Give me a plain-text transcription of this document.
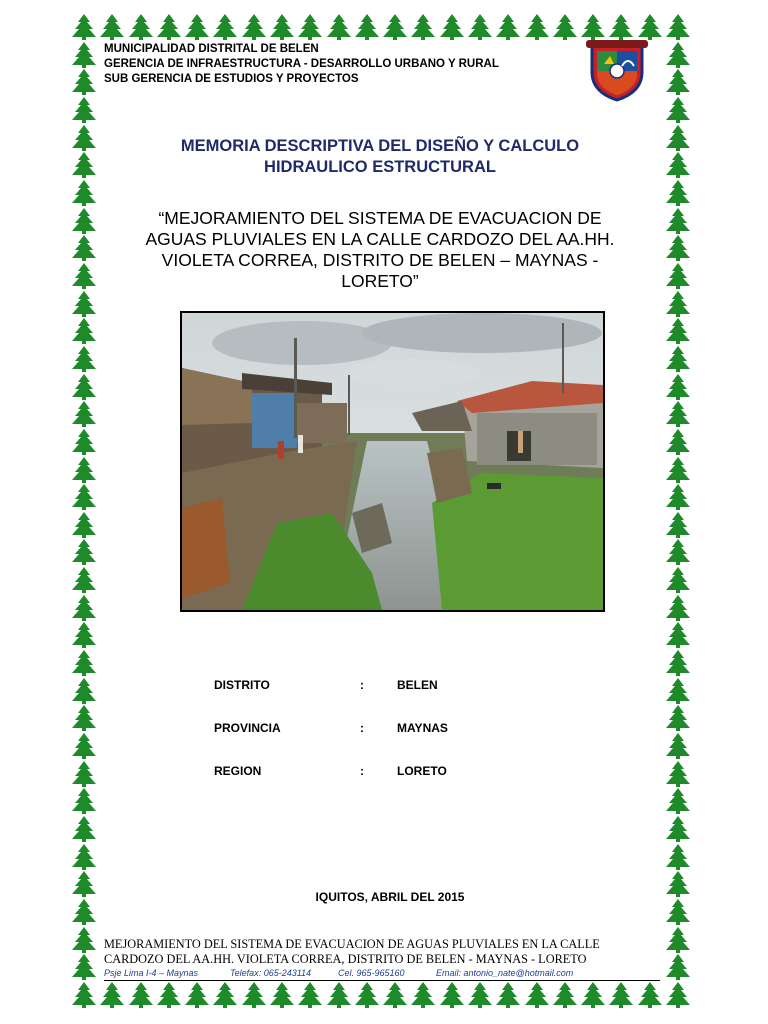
MUNICIPALIDAD DISTRITAL DE BELEN
GERENCIA DE INFRAESTRUCTURA - DESARROLLO URBANO Y RURAL
SUB GERENCIA DE ESTUDIOS Y PROYECTOS
MEMORIA DESCRIPTIVA DEL DISEÑO Y CALCULO
HIDRAULICO ESTRUCTURAL
“MEJORAMIENTO DEL SISTEMA DE EVACUACION DE
AGUAS PLUVIALES EN LA CALLE CARDOZO DEL AA.HH.
VIOLETA CORREA, DISTRITO DE BELEN – MAYNAS -
LORETO”
DISTRITO	:	BELEN
PROVINCIA	:	MAYNAS
REGION	:	LORETO
IQUITOS, ABRIL DEL 2015
MEJORAMIENTO DEL SISTEMA DE EVACUACION DE AGUAS PLUVIALES EN LA CALLE
CARDOZO DEL AA.HH. VIOLETA CORREA, DISTRITO DE BELEN - MAYNAS - LORETO
Psje Lima I-4 – Maynas	Telefax: 065-243114	Cel. 965-965160	Email: antonio_nate@hotmail.com
